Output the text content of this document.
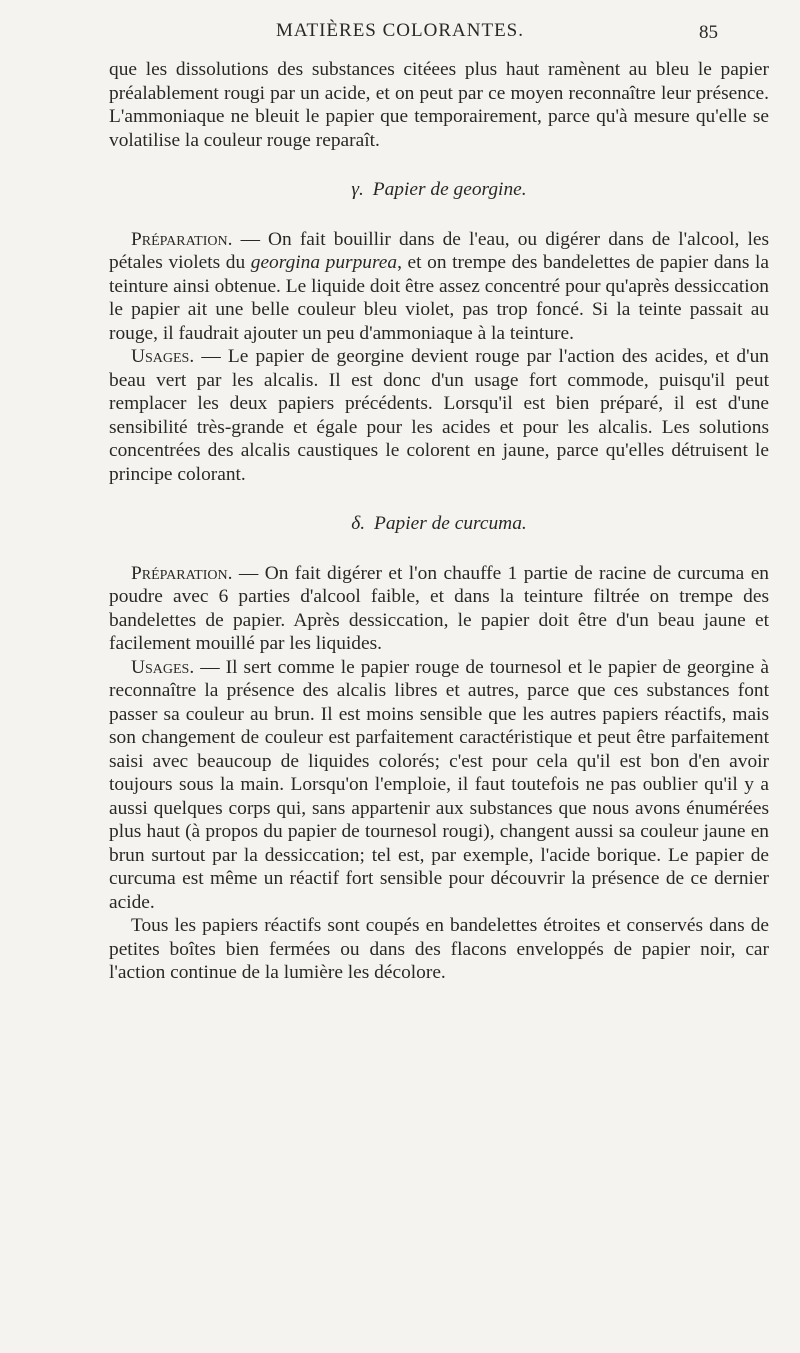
MATIÈRES COLORANTES.	85

que les dissolutions des substances citéees plus haut ramènent au bleu le papier préalablement rougi par un acide, et on peut par ce moyen reconnaître leur présence. L'ammoniaque ne bleuit le papier que temporairement, parce qu'à mesure qu'elle se volatilise la couleur rouge reparaît.

γ. Papier de georgine.

Préparation. — On fait bouillir dans de l'eau, ou digérer dans de l'alcool, les pétales violets du georgina purpurea, et on trempe des bandelettes de papier dans la teinture ainsi obtenue. Le liquide doit être assez concentré pour qu'après dessiccation le papier ait une belle couleur bleu violet, pas trop foncé. Si la teinte passait au rouge, il faudrait ajouter un peu d'ammoniaque à la teinture.

Usages. — Le papier de georgine devient rouge par l'action des acides, et d'un beau vert par les alcalis. Il est donc d'un usage fort commode, puisqu'il peut remplacer les deux papiers précédents. Lorsqu'il est bien préparé, il est d'une sensibilité très-grande et égale pour les acides et pour les alcalis. Les solutions concentrées des alcalis caustiques le colorent en jaune, parce qu'elles détruisent le principe colorant.

δ. Papier de curcuma.

Préparation. — On fait digérer et l'on chauffe 1 partie de racine de curcuma en poudre avec 6 parties d'alcool faible, et dans la teinture filtrée on trempe des bandelettes de papier. Après dessiccation, le papier doit être d'un beau jaune et facilement mouillé par les liquides.

Usages. — Il sert comme le papier rouge de tournesol et le papier de georgine à reconnaître la présence des alcalis libres et autres, parce que ces substances font passer sa couleur au brun. Il est moins sensible que les autres papiers réactifs, mais son changement de couleur est parfaitement caractéristique et peut être parfaitement saisi avec beaucoup de liquides colorés; c'est pour cela qu'il est bon d'en avoir toujours sous la main. Lorsqu'on l'emploie, il faut toutefois ne pas oublier qu'il y a aussi quelques corps qui, sans appartenir aux substances que nous avons énumérées plus haut (à propos du papier de tournesol rougi), changent aussi sa couleur jaune en brun surtout par la dessiccation; tel est, par exemple, l'acide borique. Le papier de curcuma est même un réactif fort sensible pour découvrir la présence de ce dernier acide.

Tous les papiers réactifs sont coupés en bandelettes étroites et conservés dans de petites boîtes bien fermées ou dans des flacons enveloppés de papier noir, car l'action continue de la lumière les décolore.
